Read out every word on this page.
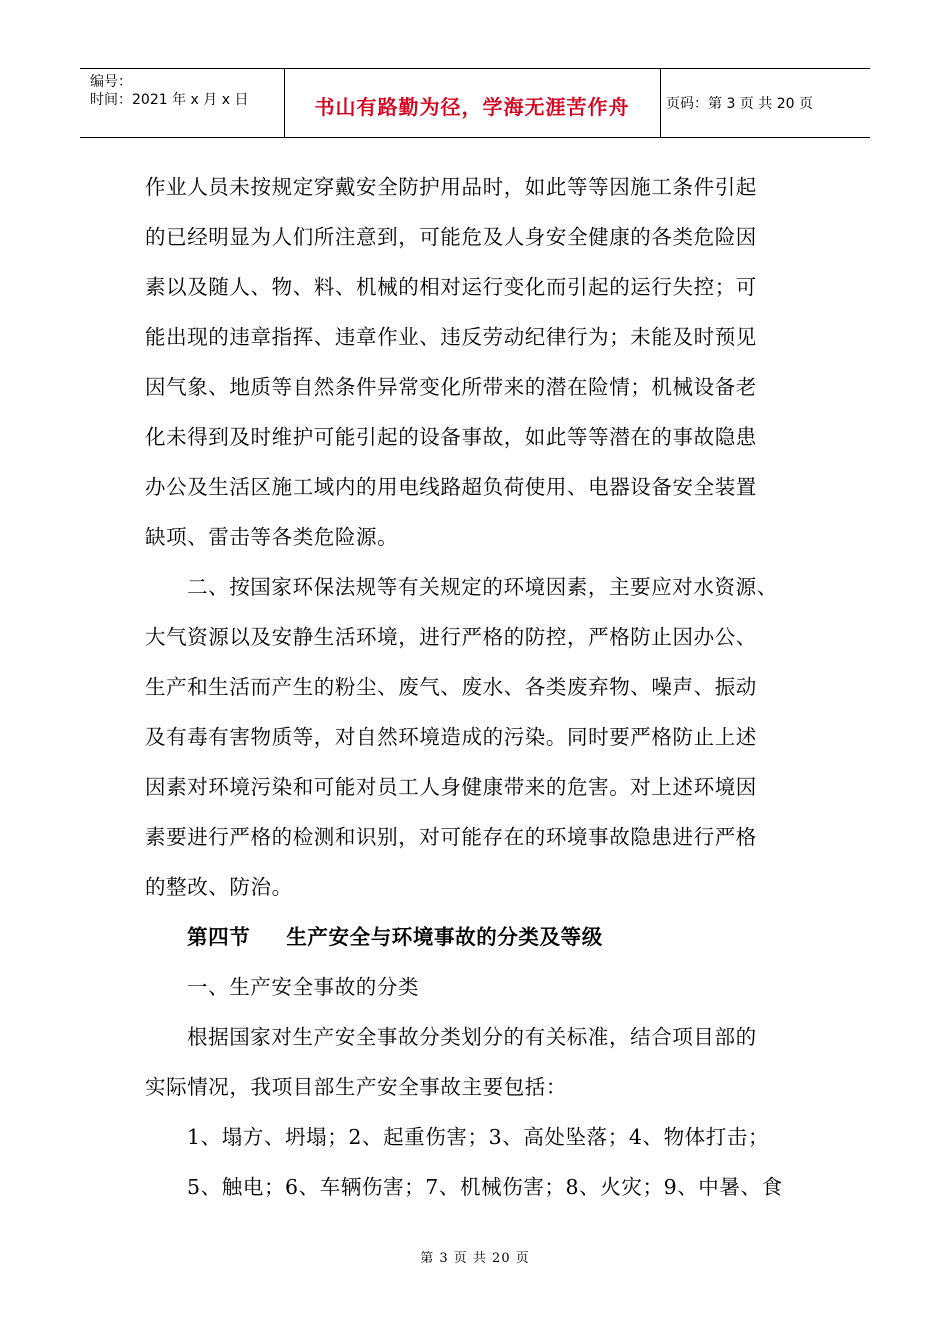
编号：
时间：2021 年 x 月 x 日	书山有路勤为径，学海无涯苦作舟	页码：第 3 页 共 20 页
作业人员未按规定穿戴安全防护用品时，如此等等因施工条件引起
的已经明显为人们所注意到，可能危及人身安全健康的各类危险因
素以及随人、物、料、机械的相对运行变化而引起的运行失控；可
能出现的违章指挥、违章作业、违反劳动纪律行为；未能及时预见
因气象、地质等自然条件异常变化所带来的潜在险情；机械设备老
化未得到及时维护可能引起的设备事故，如此等等潜在的事故隐患
办公及生活区施工域内的用电线路超负荷使用、电器设备安全装置
缺项、雷击等各类危险源。
二、按国家环保法规等有关规定的环境因素，主要应对水资源、
大气资源以及安静生活环境，进行严格的防控，严格防止因办公、
生产和生活而产生的粉尘、废气、废水、各类废弃物、噪声、振动
及有毒有害物质等，对自然环境造成的污染。同时要严格防止上述
因素对环境污染和可能对员工人身健康带来的危害。对上述环境因
素要进行严格的检测和识别，对可能存在的环境事故隐患进行严格
的整改、防治。
第四节 生产安全与环境事故的分类及等级
一、生产安全事故的分类
根据国家对生产安全事故分类划分的有关标准，结合项目部的
实际情况，我项目部生产安全事故主要包括：
1、塌方、坍塌；2、起重伤害；3、高处坠落；4、物体打击；
5、触电；6、车辆伤害；7、机械伤害；8、火灾；9、中暑、食
第 3 页 共 20 页
